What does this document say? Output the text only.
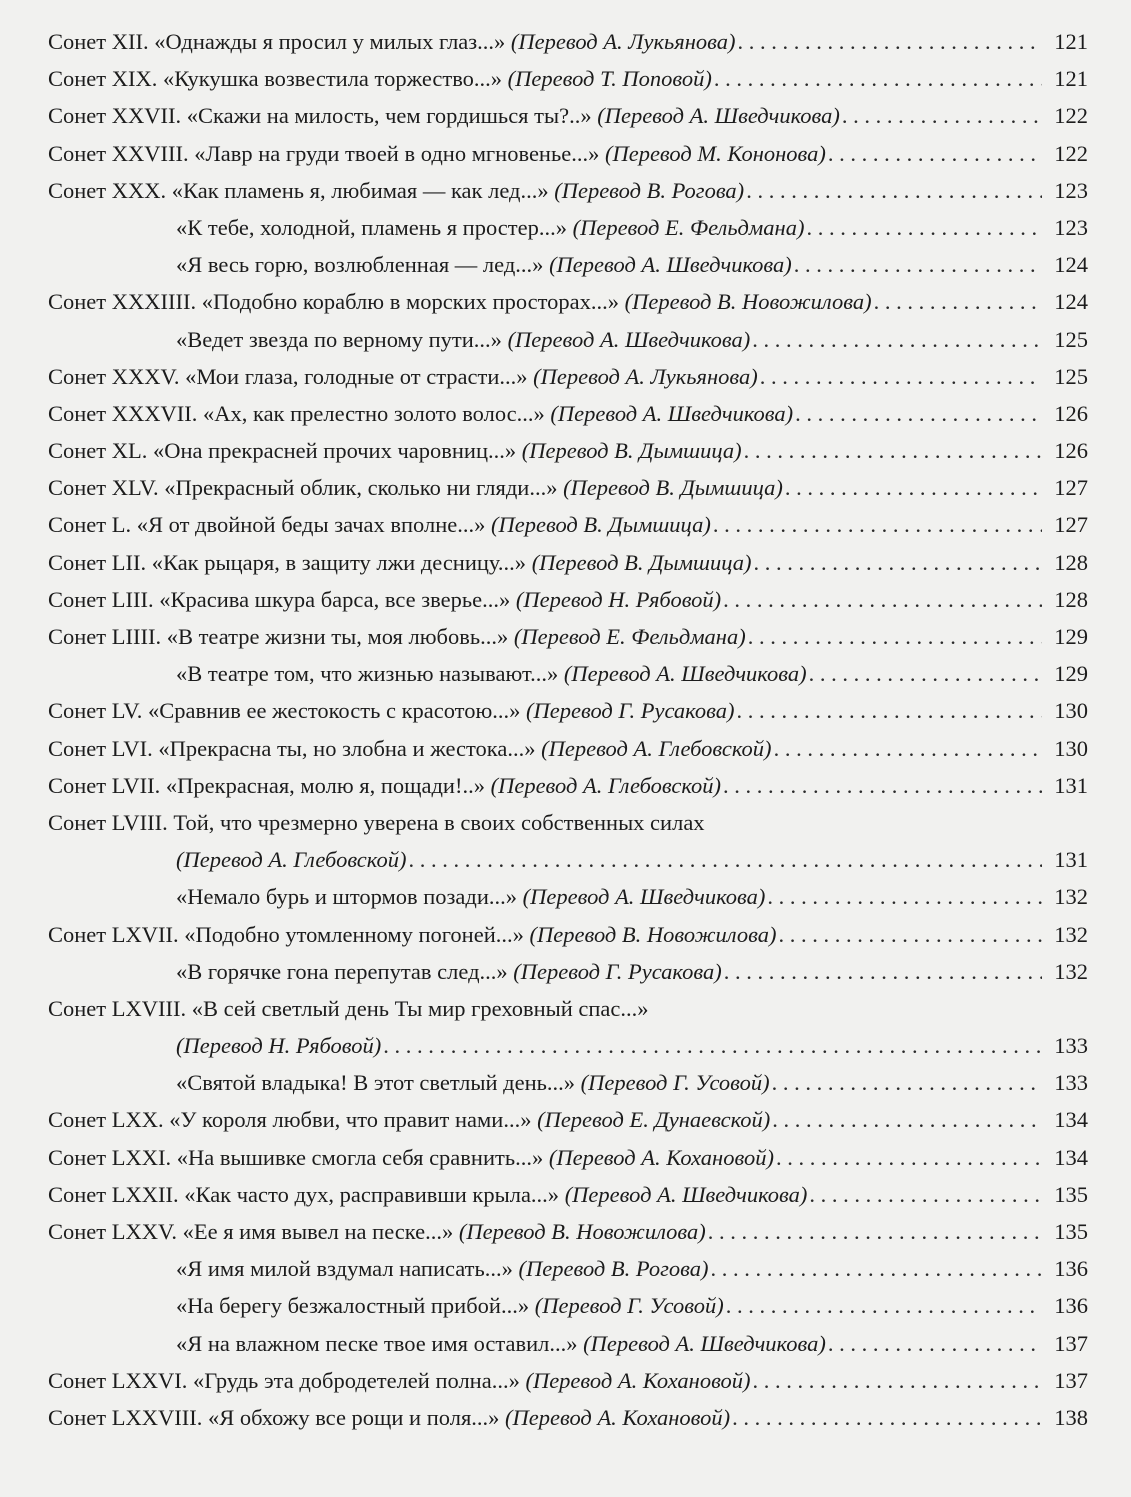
Сонет XII. «Однажды я просил у милых глаз...» (Перевод А. Лукьянова) . . .	121
Сонет XIX. «Кукушка возвестила торжество...» (Перевод Т. Поповой) . . .	121
Сонет XXVII. «Скажи на милость, чем гордишься ты?..» (Перевод А. Шведчикова) . . .	122
Сонет XXVIII. «Лавр на груди твоей в одно мгновенье...» (Перевод М. Кононова) . . .	122
Сонет XXX. «Как пламень я, любимая — как лед...» (Перевод В. Рогова) . . .	123
«К тебе, холодной, пламень я простер...» (Перевод Е. Фельдмана) . . .	123
«Я весь горю, возлюбленная — лед...» (Перевод А. Шведчикова) . . .	124
Сонет XXXIIII. «Подобно кораблю в морских просторах...» (Перевод В. Новожилова) . . .	124
«Ведет звезда по верному пути...» (Перевод А. Шведчикова) . . .	125
Сонет XXXV. «Мои глаза, голодные от страсти...» (Перевод А. Лукьянова) . . .	125
Сонет XXXVII. «Ах, как прелестно золото волос...» (Перевод А. Шведчикова) . . .	126
Сонет XL. «Она прекрасней прочих чаровниц...» (Перевод В. Дымшица) . . .	126
Сонет XLV. «Прекрасный облик, сколько ни гляди...» (Перевод В. Дымшица) . . .	127
Сонет L. «Я от двойной беды зачах вполне...» (Перевод В. Дымшица) . . .	127
Сонет LII. «Как рыцаря, в защиту лжи десницу...» (Перевод В. Дымшица) . . .	128
Сонет LIII. «Красива шкура барса, все зверье...» (Перевод Н. Рябовой) . . .	128
Сонет LIIII. «В театре жизни ты, моя любовь...» (Перевод Е. Фельдмана) . . .	129
«В театре том, что жизнью называют...» (Перевод А. Шведчикова) . . .	129
Сонет LV. «Сравнив ее жестокость с красотою...» (Перевод Г. Русакова) . . .	130
Сонет LVI. «Прекрасна ты, но злобна и жестока...» (Перевод А. Глебовской) . . .	130
Сонет LVII. «Прекрасная, молю я, пощади!..» (Перевод А. Глебовской) . . .	131
Сонет LVIII. Той, что чрезмерно уверена в своих собственных силах
(Перевод А. Глебовской) . . .	131
«Немало бурь и штормов позади...» (Перевод А. Шведчикова) . . .	132
Сонет LXVII. «Подобно утомленному погоней...» (Перевод В. Новожилова) . . .	132
«В горячке гона перепутав след...» (Перевод Г. Русакова) . . .	132
Сонет LXVIII. «В сей светлый день Ты мир греховный спас...»
(Перевод Н. Рябовой) . . .	133
«Святой владыка! В этот светлый день...» (Перевод Г. Усовой) . . .	133
Сонет LXX. «У короля любви, что правит нами...» (Перевод Е. Дунаевской) . . .	134
Сонет LXXI. «На вышивке смогла себя сравнить...» (Перевод А. Кохановой) . . .	134
Сонет LXXII. «Как часто дух, расправивши крыла...» (Перевод А. Шведчикова) . . .	135
Сонет LXXV. «Ее я имя вывел на песке...» (Перевод В. Новожилова) . . .	135
«Я имя милой вздумал написать...» (Перевод В. Рогова) . . .	136
«На берегу безжалостный прибой...» (Перевод Г. Усовой) . . .	136
«Я на влажном песке твое имя оставил...» (Перевод А. Шведчикова) . . .	137
Сонет LXXVI. «Грудь эта добродетелей полна...» (Перевод А. Кохановой) . . .	137
Сонет LXXVIII. «Я обхожу все рощи и поля...» (Перевод А. Кохановой) . . .	138
